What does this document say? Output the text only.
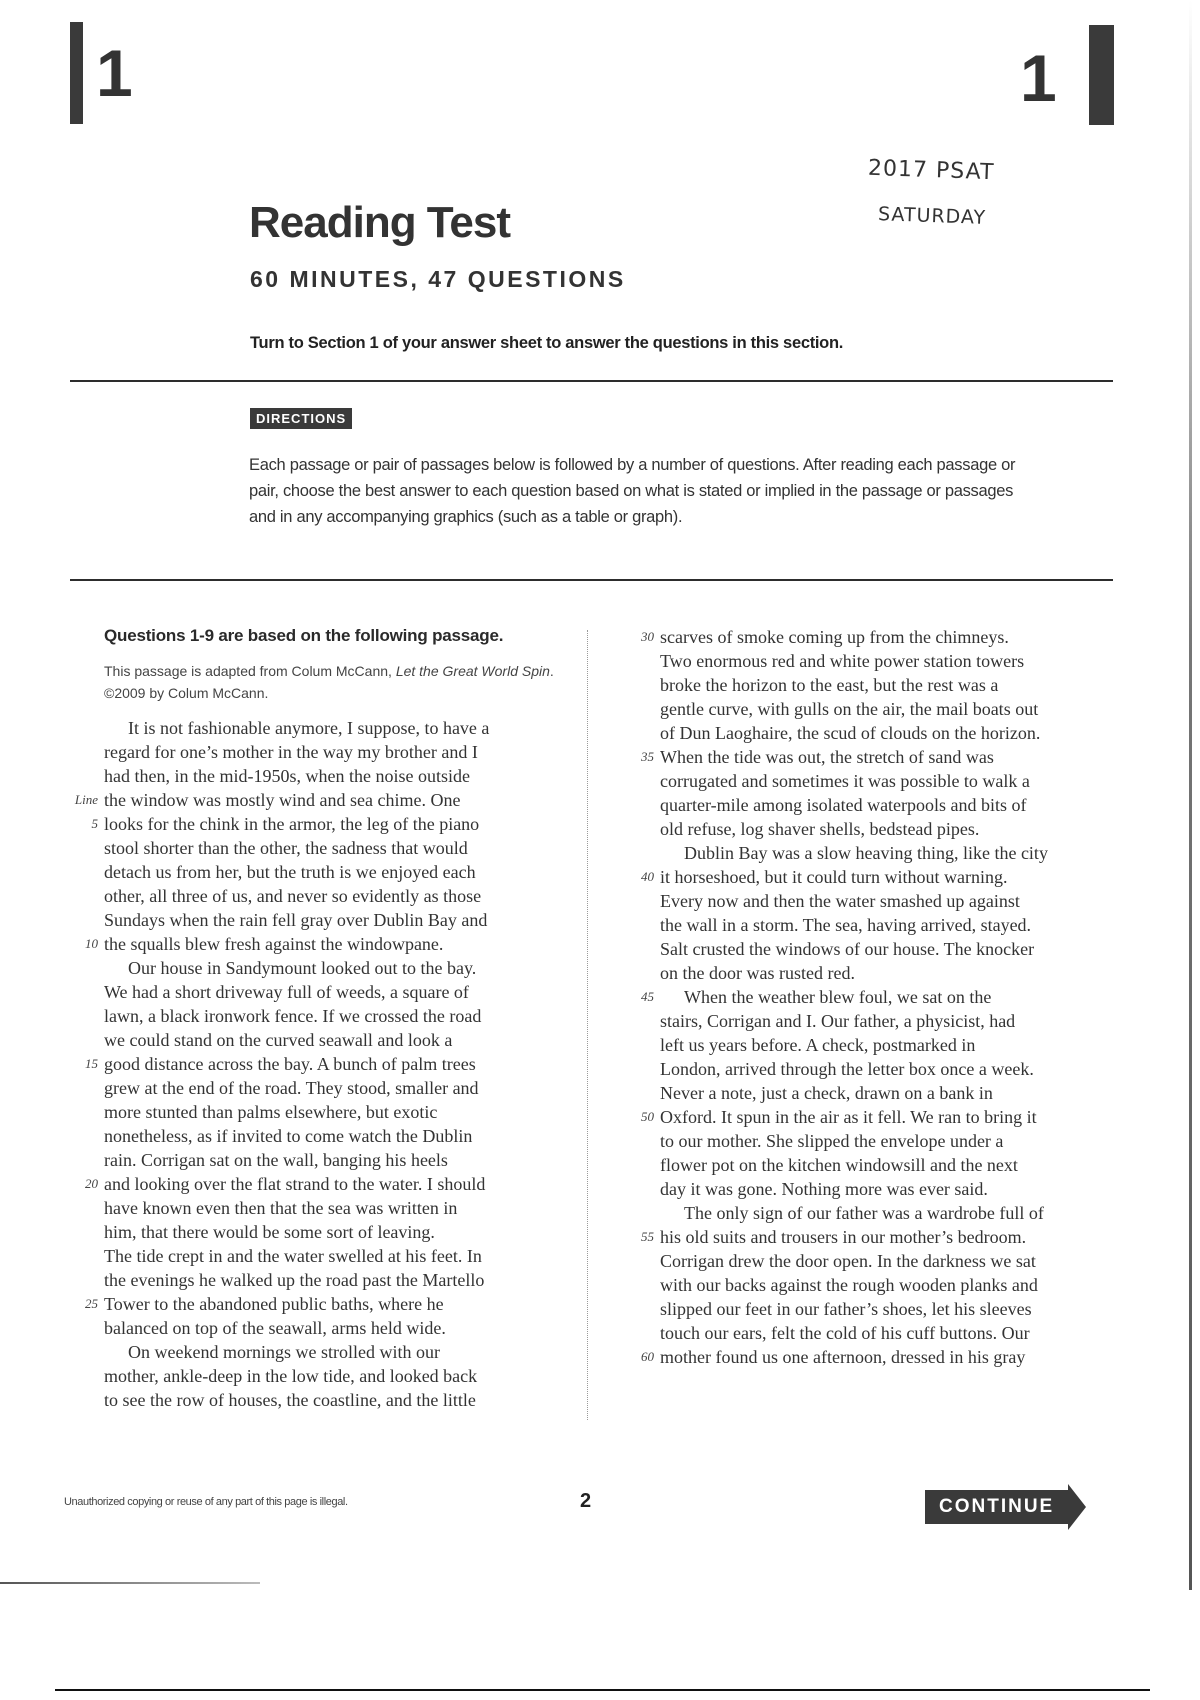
1	1
2017 PSAT
SATURDAY
Reading Test
60 MINUTES, 47 QUESTIONS
Turn to Section 1 of your answer sheet to answer the questions in this section.
DIRECTIONS
Each passage or pair of passages below is followed by a number of questions. After reading each passage or pair, choose the best answer to each question based on what is stated or implied in the passage or passages and in any accompanying graphics (such as a table or graph).
Questions 1-9 are based on the following passage.
This passage is adapted from Colum McCann, Let the Great World Spin. ©2009 by Colum McCann.
It is not fashionable anymore, I suppose, to have a
regard for one’s mother in the way my brother and I
had then, in the mid-1950s, when the noise outside
Line the window was mostly wind and sea chime. One
5 looks for the chink in the armor, the leg of the piano
stool shorter than the other, the sadness that would
detach us from her, but the truth is we enjoyed each
other, all three of us, and never so evidently as those
Sundays when the rain fell gray over Dublin Bay and
10 the squalls blew fresh against the windowpane.
Our house in Sandymount looked out to the bay.
We had a short driveway full of weeds, a square of
lawn, a black ironwork fence. If we crossed the road
we could stand on the curved seawall and look a
15 good distance across the bay. A bunch of palm trees
grew at the end of the road. They stood, smaller and
more stunted than palms elsewhere, but exotic
nonetheless, as if invited to come watch the Dublin
rain. Corrigan sat on the wall, banging his heels
20 and looking over the flat strand to the water. I should
have known even then that the sea was written in
him, that there would be some sort of leaving.
The tide crept in and the water swelled at his feet. In
the evenings he walked up the road past the Martello
25 Tower to the abandoned public baths, where he
balanced on top of the seawall, arms held wide.
On weekend mornings we strolled with our
mother, ankle-deep in the low tide, and looked back
to see the row of houses, the coastline, and the little
30 scarves of smoke coming up from the chimneys.
Two enormous red and white power station towers
broke the horizon to the east, but the rest was a
gentle curve, with gulls on the air, the mail boats out
of Dun Laoghaire, the scud of clouds on the horizon.
35 When the tide was out, the stretch of sand was
corrugated and sometimes it was possible to walk a
quarter-mile among isolated waterpools and bits of
old refuse, log shaver shells, bedstead pipes.
Dublin Bay was a slow heaving thing, like the city
40 it horseshoed, but it could turn without warning.
Every now and then the water smashed up against
the wall in a storm. The sea, having arrived, stayed.
Salt crusted the windows of our house. The knocker
on the door was rusted red.
45 When the weather blew foul, we sat on the
stairs, Corrigan and I. Our father, a physicist, had
left us years before. A check, postmarked in
London, arrived through the letter box once a week.
Never a note, just a check, drawn on a bank in
50 Oxford. It spun in the air as it fell. We ran to bring it
to our mother. She slipped the envelope under a
flower pot on the kitchen windowsill and the next
day it was gone. Nothing more was ever said.
The only sign of our father was a wardrobe full of
55 his old suits and trousers in our mother’s bedroom.
Corrigan drew the door open. In the darkness we sat
with our backs against the rough wooden planks and
slipped our feet in our father’s shoes, let his sleeves
touch our ears, felt the cold of his cuff buttons. Our
60 mother found us one afternoon, dressed in his gray
Unauthorized copying or reuse of any part of this page is illegal.	2	CONTINUE
